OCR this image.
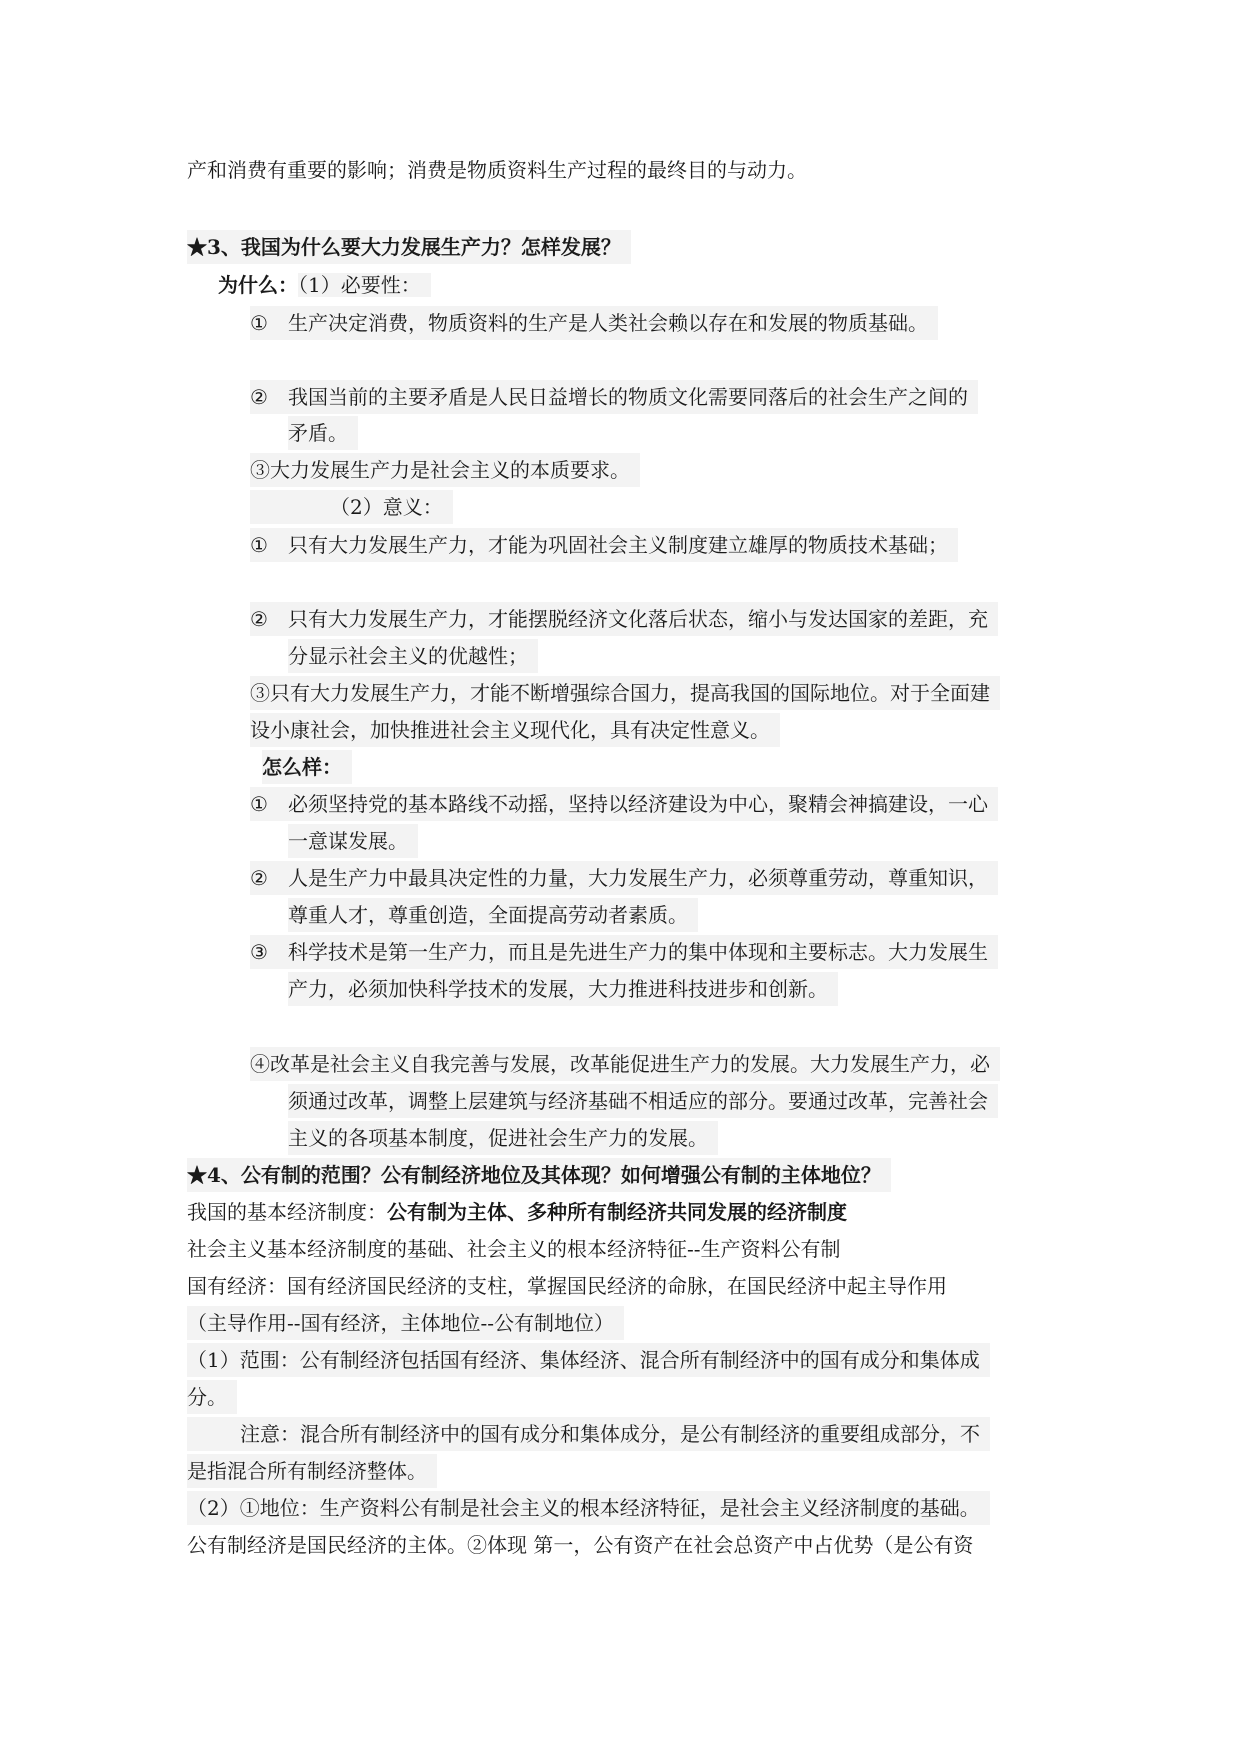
产和消费有重要的影响；消费是物质资料生产过程的最终目的与动力。
★3、我国为什么要大力发展生产力？怎样发展？
为什么：（1）必要性：
① 生产决定消费，物质资料的生产是人类社会赖以存在和发展的物质基础。
② 我国当前的主要矛盾是人民日益增长的物质文化需要同落后的社会生产之间的
矛盾。
③大力发展生产力是社会主义的本质要求。
（2）意义：
① 只有大力发展生产力，才能为巩固社会主义制度建立雄厚的物质技术基础；
② 只有大力发展生产力，才能摆脱经济文化落后状态，缩小与发达国家的差距，充
分显示社会主义的优越性；
③只有大力发展生产力，才能不断增强综合国力，提高我国的国际地位。对于全面建
设小康社会，加快推进社会主义现代化，具有决定性意义。
怎么样：
① 必须坚持党的基本路线不动摇，坚持以经济建设为中心，聚精会神搞建设，一心
一意谋发展。
② 人是生产力中最具决定性的力量，大力发展生产力，必须尊重劳动，尊重知识，
尊重人才，尊重创造，全面提高劳动者素质。
③ 科学技术是第一生产力，而且是先进生产力的集中体现和主要标志。大力发展生
产力，必须加快科学技术的发展，大力推进科技进步和创新。
④改革是社会主义自我完善与发展，改革能促进生产力的发展。大力发展生产力，必
须通过改革，调整上层建筑与经济基础不相适应的部分。要通过改革，完善社会
主义的各项基本制度，促进社会生产力的发展。
★4、公有制的范围？公有制经济地位及其体现？如何增强公有制的主体地位？
我国的基本经济制度：公有制为主体、多种所有制经济共同发展的经济制度
社会主义基本经济制度的基础、社会主义的根本经济特征--生产资料公有制
国有经济：国有经济国民经济的支柱，掌握国民经济的命脉，在国民经济中起主导作用
（主导作用--国有经济，主体地位--公有制地位）
（1）范围：公有制经济包括国有经济、集体经济、混合所有制经济中的国有成分和集体成
分。
注意：混合所有制经济中的国有成分和集体成分，是公有制经济的重要组成部分，不
是指混合所有制经济整体。
（2）①地位：生产资料公有制是社会主义的根本经济特征，是社会主义经济制度的基础。
公有制经济是国民经济的主体。②体现 第一，公有资产在社会总资产中占优势（是公有资
